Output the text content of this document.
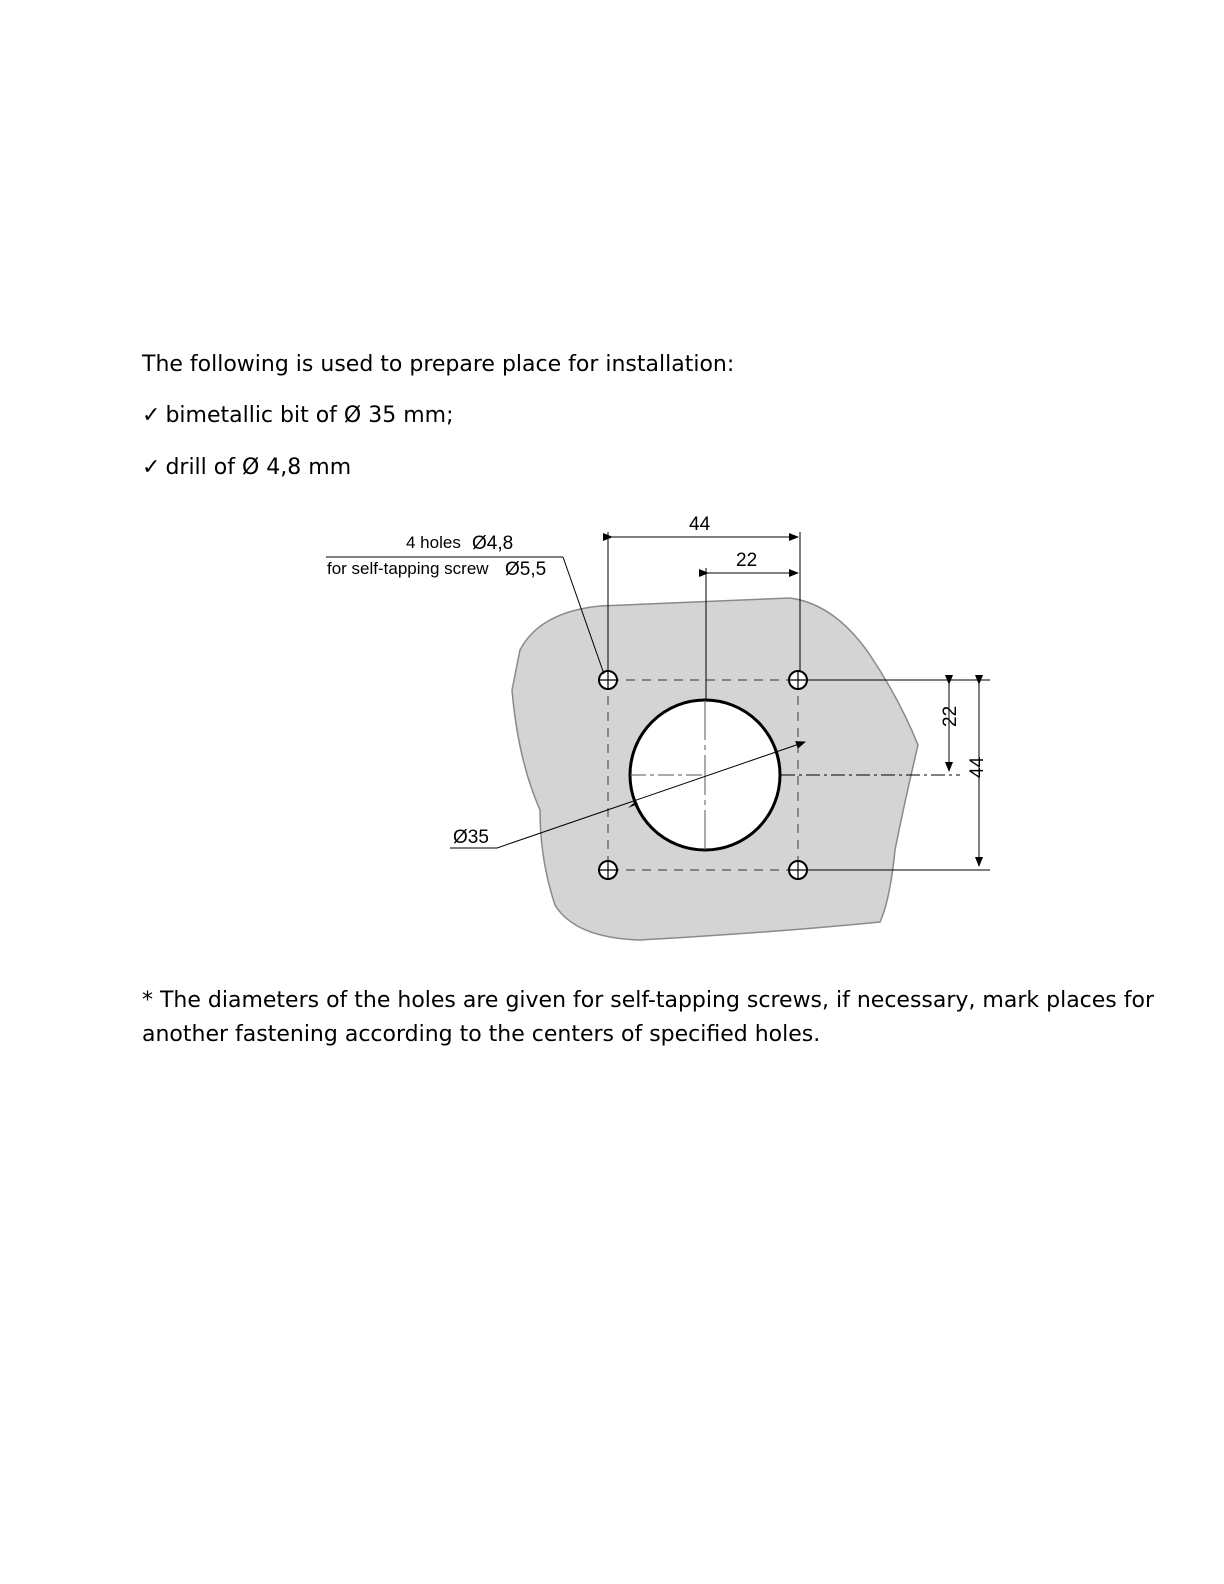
The following is used to prepare place for installation:
✓ bimetallic bit of Ø 35 mm;
✓ drill of Ø 4,8 mm
4 holes Ø4,8
for self-tapping screw Ø5,5
44
22
22
44
Ø35
* The diameters of the holes are given for self-tapping screws, if necessary, mark places for another fastening according to the centers of specified holes.
